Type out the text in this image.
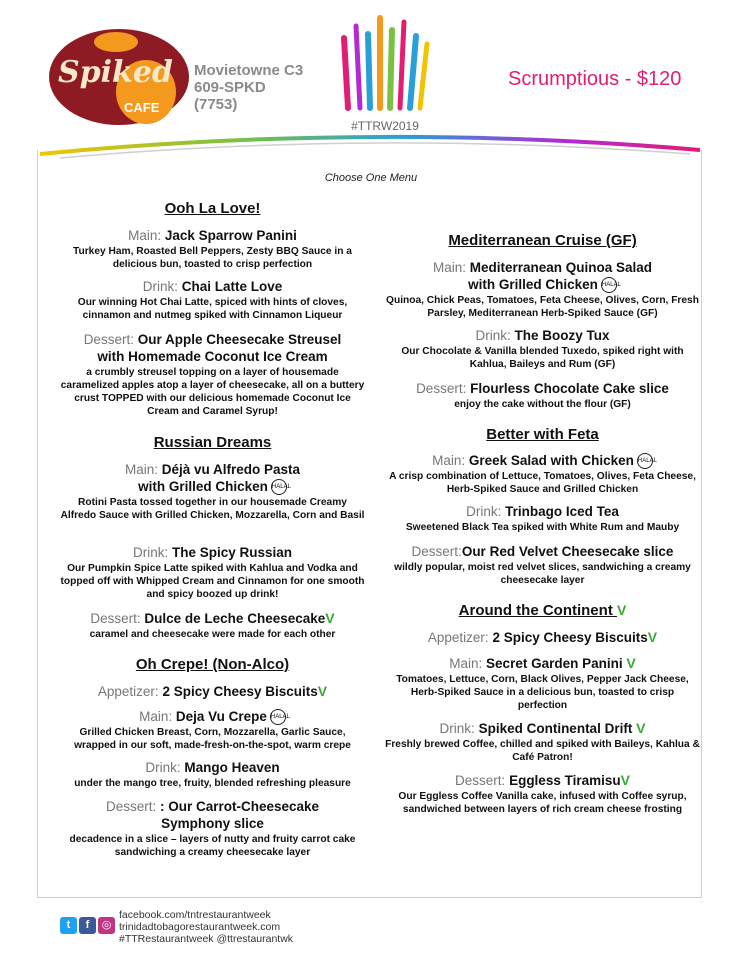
Spiked
CAFE
Movietowne C3
609-SPKD
(7753)
#TTRW2019
Scrumptious - $120
Choose One Menu
Ooh La Love!
Main: Jack Sparrow Panini
Turkey Ham, Roasted Bell Peppers, Zesty BBQ Sauce in a delicious bun, toasted to crisp perfection
Drink: Chai Latte Love
Our winning Hot Chai Latte, spiced with hints of cloves, cinnamon and nutmeg spiked with Cinnamon Liqueur
Dessert: Our Apple Cheesecake Streusel
with Homemade Coconut Ice Cream
a crumbly streusel topping on a layer of housemade caramelized apples atop a layer of cheesecake, all on a buttery crust TOPPED with our delicious homemade Coconut Ice Cream and Caramel Syrup!
Russian Dreams
Main: Déjà vu Alfredo Pasta
with Grilled Chicken HALAL
Rotini Pasta tossed together in our housemade Creamy Alfredo Sauce with Grilled Chicken, Mozzarella, Corn and Basil
Drink: The Spicy Russian
Our Pumpkin Spice Latte spiked with Kahlua and Vodka and topped off with Whipped Cream and Cinnamon for one smooth and spicy boozed up drink!
Dessert: Dulce de Leche CheesecakeV
caramel and cheesecake were made for each other
Oh Crepe! (Non-Alco)
Appetizer: 2 Spicy Cheesy BiscuitsV
Main: Deja Vu Crepe HALAL
Grilled Chicken Breast, Corn, Mozzarella, Garlic Sauce, wrapped in our soft, made-fresh-on-the-spot, warm crepe
Drink: Mango Heaven
under the mango tree, fruity, blended refreshing pleasure
Dessert: : Our Carrot-Cheesecake
Symphony slice
decadence in a slice – layers of nutty and fruity carrot cake sandwiching a creamy cheesecake layer
Mediterranean Cruise (GF)
Main: Mediterranean Quinoa Salad
with Grilled Chicken HALAL
Quinoa, Chick Peas, Tomatoes, Feta Cheese, Olives, Corn, Fresh Parsley, Mediterranean Herb-Spiked Sauce (GF)
Drink: The Boozy Tux
Our Chocolate & Vanilla blended Tuxedo, spiked right with Kahlua, Baileys and Rum (GF)
Dessert: Flourless Chocolate Cake slice
enjoy the cake without the flour (GF)
Better with Feta
Main: Greek Salad with Chicken HALAL
A crisp combination of Lettuce, Tomatoes, Olives, Feta Cheese, Herb-Spiked Sauce and Grilled Chicken
Drink: Trinbago Iced Tea
Sweetened Black Tea spiked with White Rum and Mauby
Dessert:Our Red Velvet Cheesecake slice
wildly popular, moist red velvet slices, sandwiching a creamy cheesecake layer
Around the Continent V
Appetizer: 2 Spicy Cheesy BiscuitsV
Main: Secret Garden Panini V
Tomatoes, Lettuce, Corn, Black Olives, Pepper Jack Cheese, Herb-Spiked Sauce in a delicious bun, toasted to crisp perfection
Drink: Spiked Continental Drift V
Freshly brewed Coffee, chilled and spiked with Baileys, Kahlua & Café Patron!
Dessert: Eggless TiramisuV
Our Eggless Coffee Vanilla cake, infused with Coffee syrup, sandwiched between layers of rich cream cheese frosting
t f ◎
facebook.com/tntrestaurantweek
trinidadtobagorestaurantweek.com
#TTRestaurantweek @ttrestaurantwk
